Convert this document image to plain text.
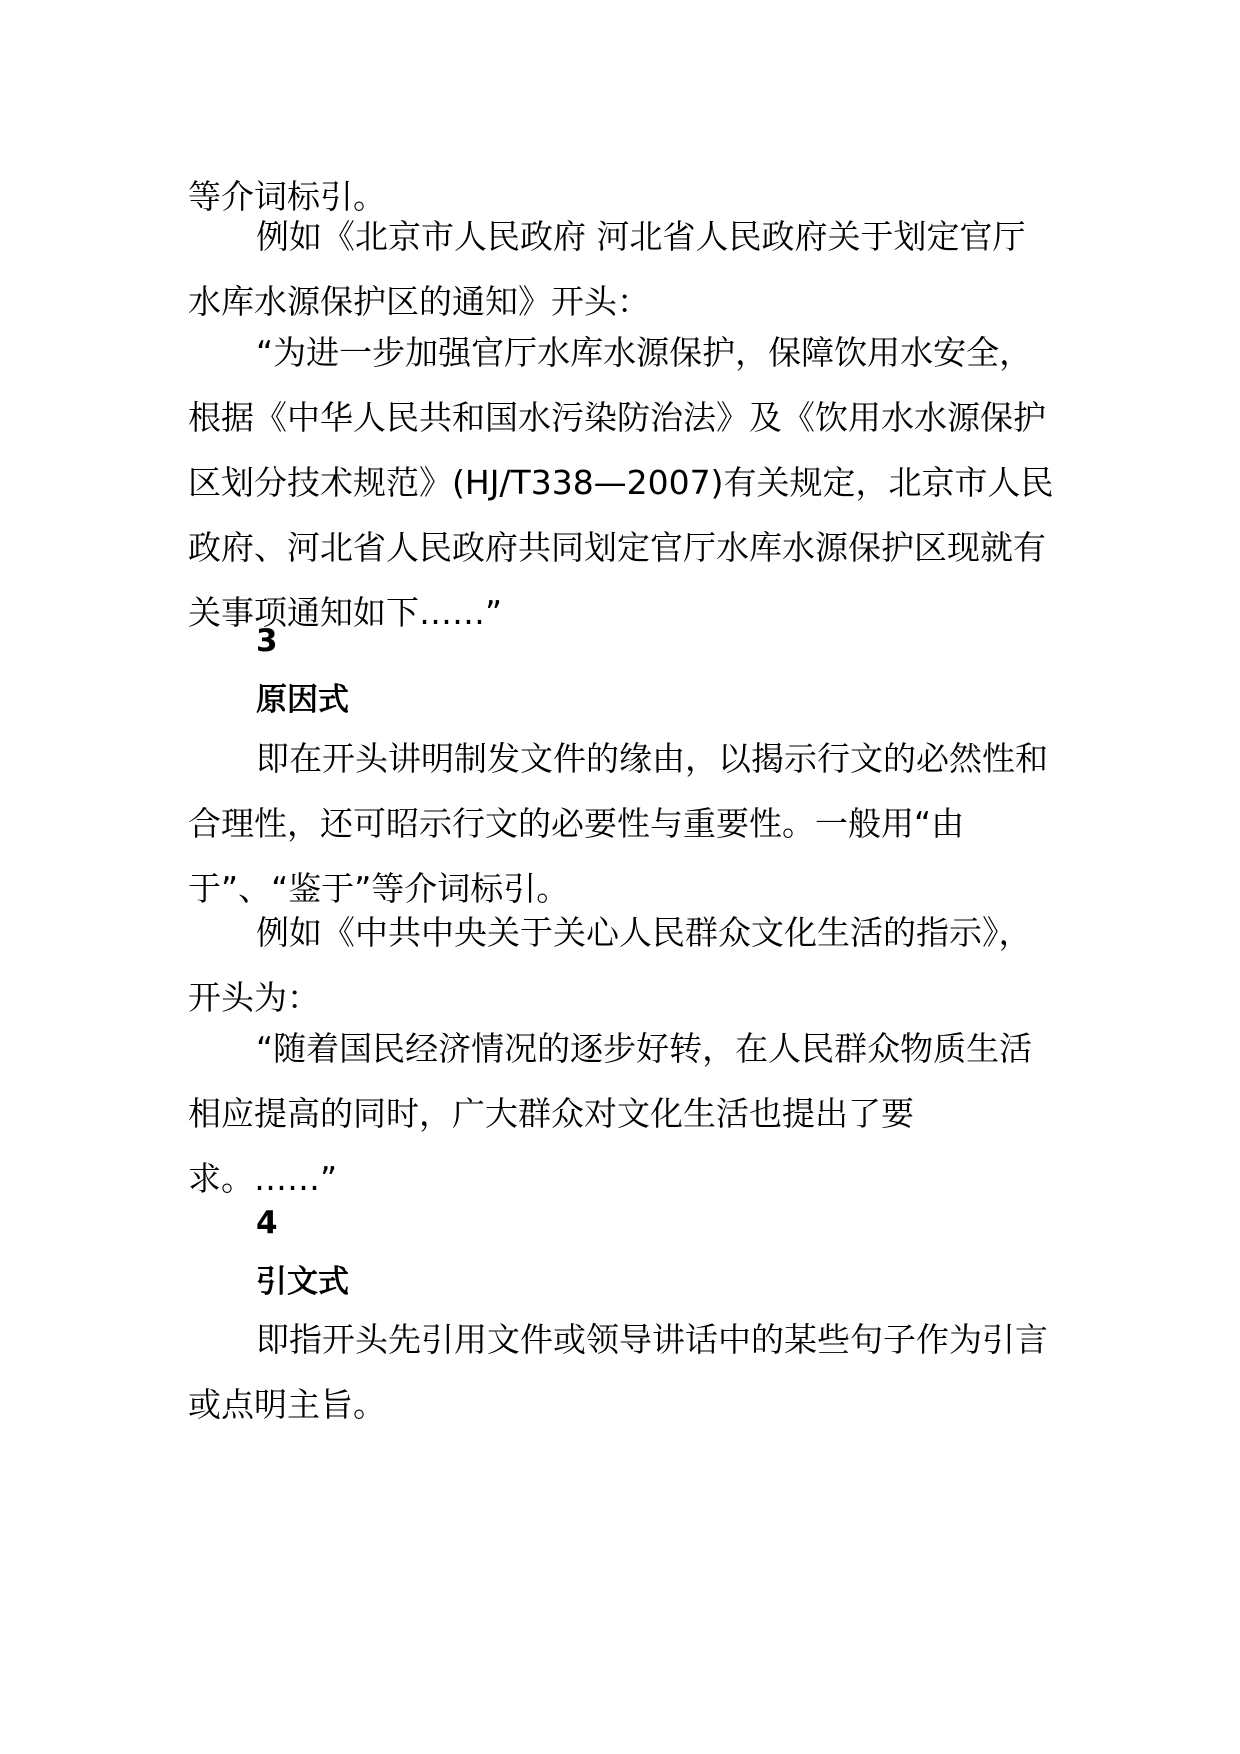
等介词标引。

例如《北京市人民政府 河北省人民政府关于划定官厅水库水源保护区的通知》开头：

“为进一步加强官厅水库水源保护，保障饮用水安全，根据《中华人民共和国水污染防治法》及《饮用水水源保护区划分技术规范》(HJ/T338—2007)有关规定，北京市人民政府、河北省人民政府共同划定官厅水库水源保护区现就有关事项通知如下……”

3

原因式

即在开头讲明制发文件的缘由，以揭示行文的必然性和合理性，还可昭示行文的必要性与重要性。一般用“由于”、“鉴于”等介词标引。

例如《中共中央关于关心人民群众文化生活的指示》，开头为：

“随着国民经济情况的逐步好转，在人民群众物质生活相应提高的同时，广大群众对文化生活也提出了要求。……”

4

引文式

即指开头先引用文件或领导讲话中的某些句子作为引言或点明主旨。
